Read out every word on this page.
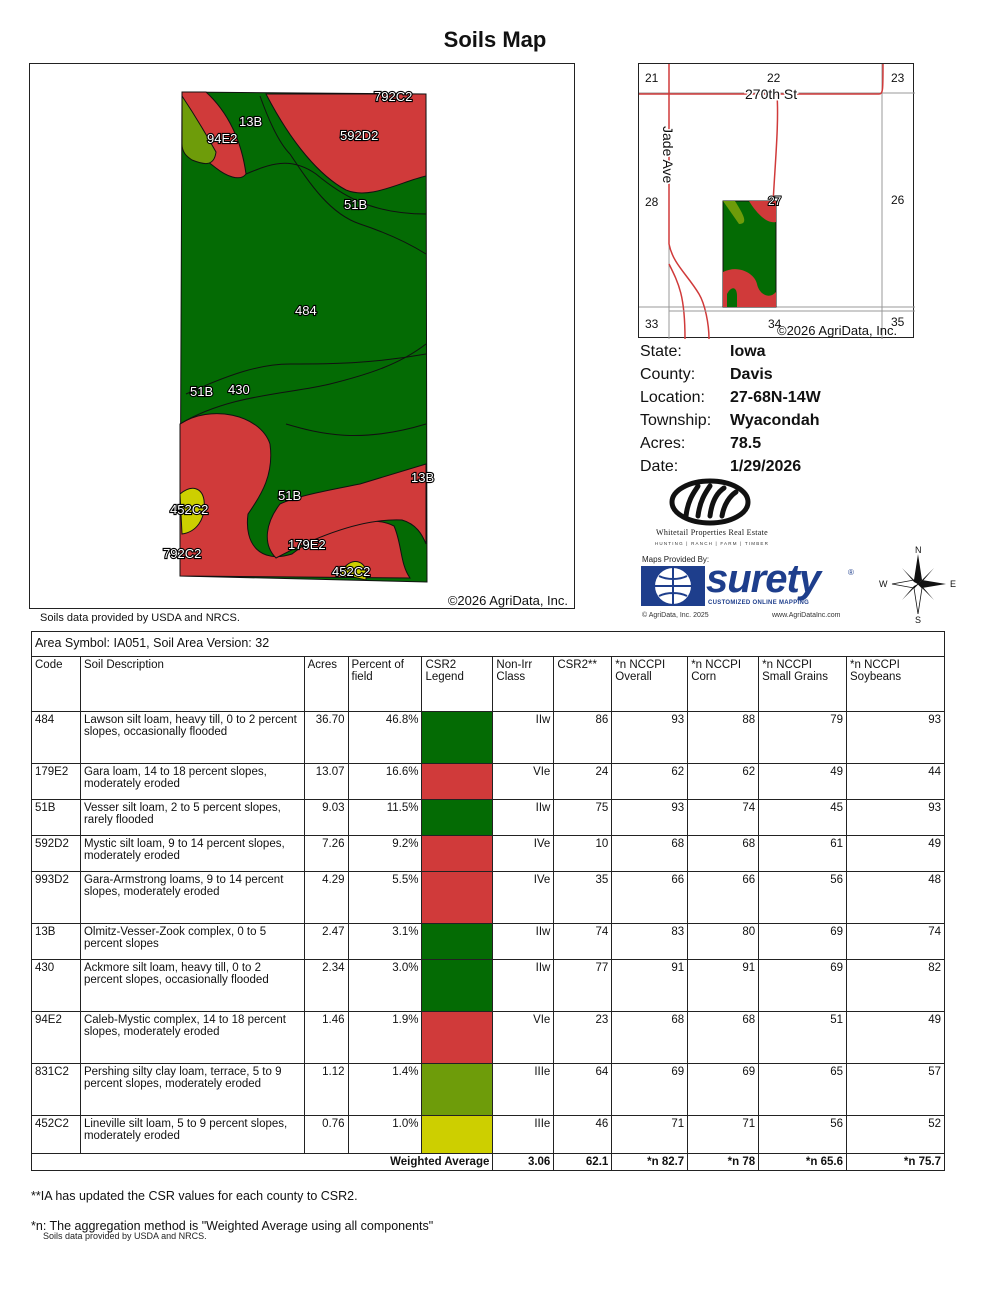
Soils Map
792C2
13B
94E2	592D2
51B
484
51B 430
13B
51B
452C2
792C2
179E2
452C2
©2026 AgriData, Inc.
Soils data provided by USDA and NRCS.
21	22	23
28	27	26
33	34	35
270th St
Jade Ave
©2026 AgriData, Inc.
State:	Iowa
County:	Davis
Location:	27-68N-14W
Township:	Wyacondah
Acres:	78.5
Date:	1/29/2026
Whitetail Properties Real Estate
HUNTING | RANCH | FARM | TIMBER
Maps Provided By:
surety	®
CUSTOMIZED ONLINE MAPPING
© AgriData, Inc. 2025	www.AgriDataInc.com
N
S
W	E
Area Symbol: IA051, Soil Area Version: 32										
Code	Soil Description	Acres	Percent of field	CSR2 Legend	Non-Irr Class	CSR2**	*n NCCPI Overall	*n NCCPI Corn	*n NCCPI Small Grains	*n NCCPI Soybeans
484	Lawson silt loam, heavy till, 0 to 2 percent slopes, occasionally flooded	36.70	46.8%		IIw	86	93	88	79	93
179E2	Gara loam, 14 to 18 percent slopes, moderately eroded	13.07	16.6%		VIe	24	62	62	49	44
51B	Vesser silt loam, 2 to 5 percent slopes, rarely flooded	9.03	11.5%		IIw	75	93	74	45	93
592D2	Mystic silt loam, 9 to 14 percent slopes, moderately eroded	7.26	9.2%		IVe	10	68	68	61	49
993D2	Gara-Armstrong loams, 9 to 14 percent slopes, moderately eroded	4.29	5.5%		IVe	35	66	66	56	48
13B	Olmitz-Vesser-Zook complex, 0 to 5 percent slopes	2.47	3.1%		IIw	74	83	80	69	74
430	Ackmore silt loam, heavy till, 0 to 2 percent slopes, occasionally flooded	2.34	3.0%		IIw	77	91	91	69	82
94E2	Caleb-Mystic complex, 14 to 18 percent slopes, moderately eroded	1.46	1.9%		VIe	23	68	68	51	49
831C2	Pershing silty clay loam, terrace, 5 to 9 percent slopes, moderately eroded	1.12	1.4%		IIIe	64	69	69	65	57
452C2	Lineville silt loam, 5 to 9 percent slopes, moderately eroded	0.76	1.0%		IIIe	46	71	71	56	52
Weighted Average					3.06	62.1	*n 82.7	*n 78	*n 65.6	*n 75.7
**IA has updated the CSR values for each county to CSR2.
*n: The aggregation method is "Weighted Average using all components"
Soils data provided by USDA and NRCS.
